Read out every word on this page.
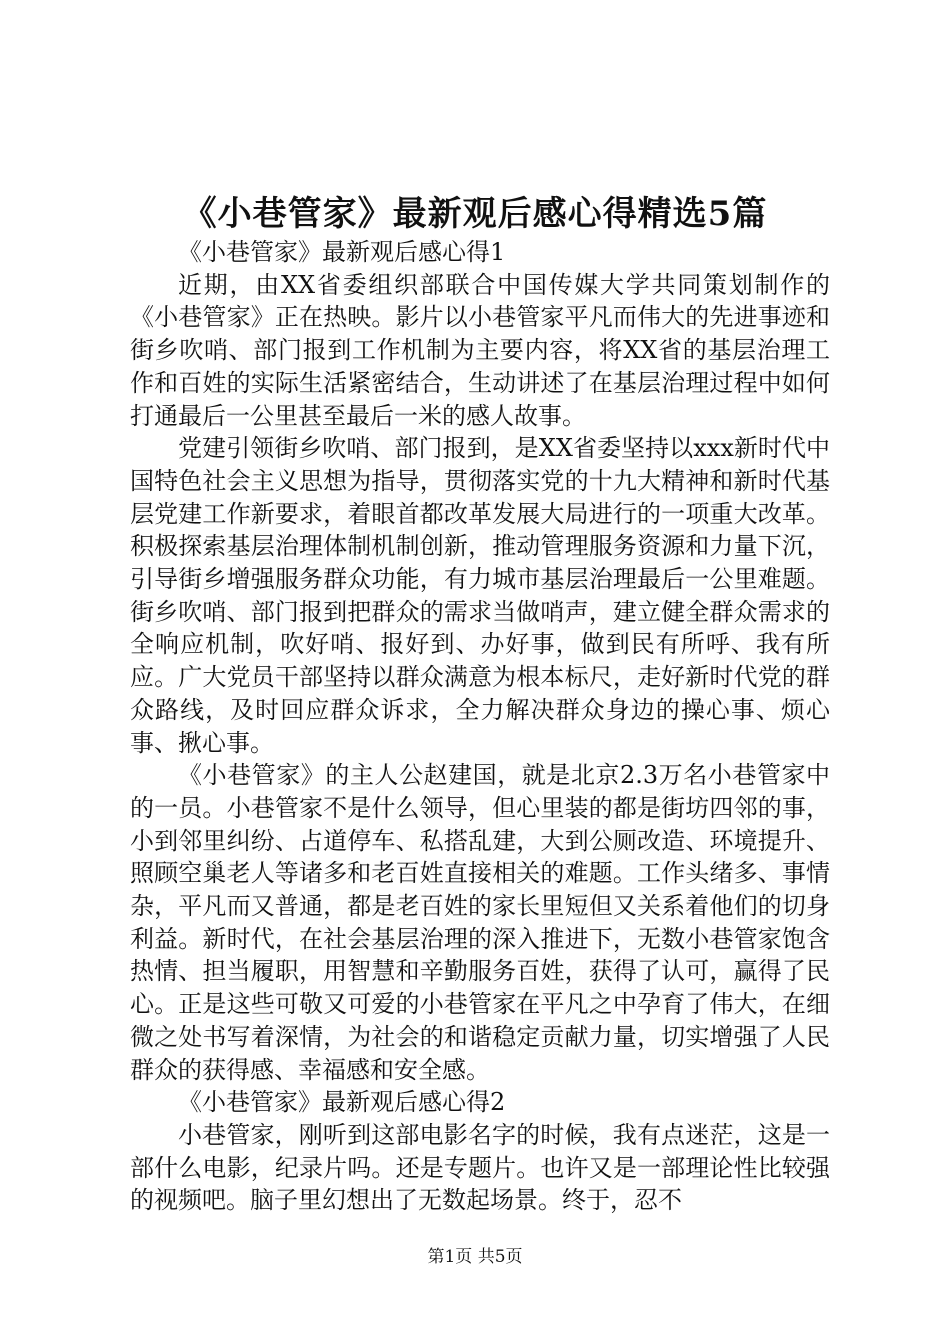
《小巷管家》最新观后感心得精选5篇

《小巷管家》最新观后感心得1

近期，由XX省委组织部联合中国传媒大学共同策划制作的《小巷管家》正在热映。影片以小巷管家平凡而伟大的先进事迹和街乡吹哨、部门报到工作机制为主要内容，将XX省的基层治理工作和百姓的实际生活紧密结合，生动讲述了在基层治理过程中如何打通最后一公里甚至最后一米的感人故事。

党建引领街乡吹哨、部门报到，是XX省委坚持以xxx新时代中国特色社会主义思想为指导，贯彻落实党的十九大精神和新时代基层党建工作新要求，着眼首都改革发展大局进行的一项重大改革。积极探索基层治理体制机制创新，推动管理服务资源和力量下沉，引导街乡增强服务群众功能，有力城市基层治理最后一公里难题。街乡吹哨、部门报到把群众的需求当做哨声，建立健全群众需求的全响应机制，吹好哨、报好到、办好事，做到民有所呼、我有所应。广大党员干部坚持以群众满意为根本标尺，走好新时代党的群众路线，及时回应群众诉求，全力解决群众身边的操心事、烦心事、揪心事。

《小巷管家》的主人公赵建国，就是北京2.3万名小巷管家中的一员。小巷管家不是什么领导，但心里装的都是街坊四邻的事，小到邻里纠纷、占道停车、私搭乱建，大到公厕改造、环境提升、照顾空巢老人等诸多和老百姓直接相关的难题。工作头绪多、事情杂，平凡而又普通，都是老百姓的家长里短但又关系着他们的切身利益。新时代，在社会基层治理的深入推进下，无数小巷管家饱含热情、担当履职，用智慧和辛勤服务百姓，获得了认可，赢得了民心。正是这些可敬又可爱的小巷管家在平凡之中孕育了伟大，在细微之处书写着深情，为社会的和谐稳定贡献力量，切实增强了人民群众的获得感、幸福感和安全感。

《小巷管家》最新观后感心得2

小巷管家，刚听到这部电影名字的时候，我有点迷茫，这是一部什么电影，纪录片吗。还是专题片。也许又是一部理论性比较强的视频吧。脑子里幻想出了无数起场景。终于，忍不

第1页 共5页
